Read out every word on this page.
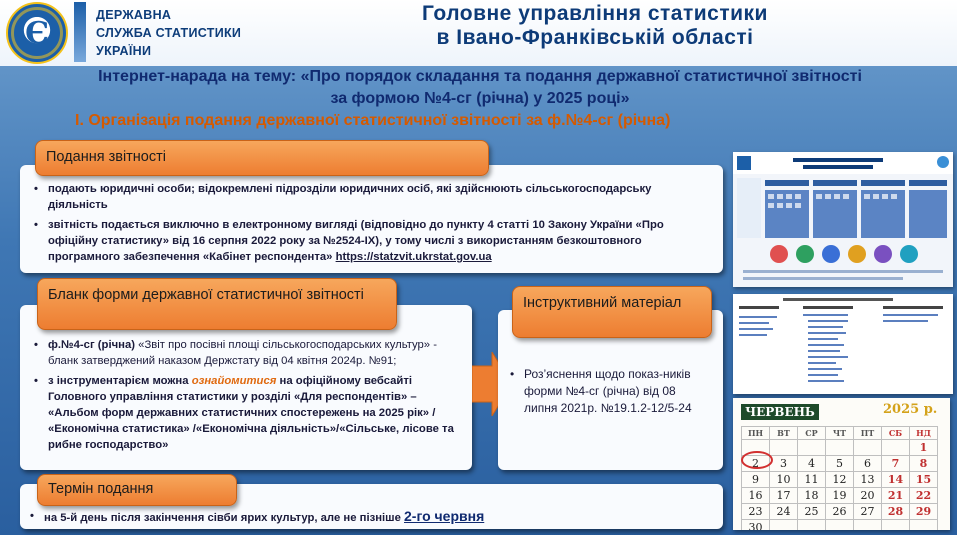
Є
ДЕРЖАВНА
СЛУЖБА СТАТИСТИКИ
УКРАЇНИ
Головне управління статистики
в Івано-Франківській області
Інтернет-нарада на тему: «Про порядок складання та подання державної статистичної звітності
за формою №4-сг (річна) у 2025 році»
І. Організація подання державної статистичної звітності за ф.№4-сг (річна)
• подають юридичні особи; відокремлені підрозділи юридичних осіб, які здійснюють сільськогосподарську діяльність
• звітність подається виключно в електронному вигляді (відповідно до пункту 4 статті 10 Закону України «Про офіційну статистику» від 16 серпня 2022 року за №2524-ІХ), у тому числі з використанням безкоштовного програмного забезпечення «Кабінет респондента» https://statzvit.ukrstat.gov.ua
Подання звітності
• ф.№4-сг (річна) «Звіт про посівні площі сільськогосподарських культур» - бланк затверджений наказом Держстату від 04 квітня 2024р. №91;
• з інструментарієм можна ознайомитися на офіційному вебсайті Головного управління статистики у розділі «Для респондентів» – «Альбом форм державних статистичних спостережень на 2025 рік» / «Економічна статистика» /«Економічна діяльність»/«Сільське, лісове та рибне господарство»
Бланк форми державної статистичної звітності
• Роз’яснення щодо показ-ників форми №4-сг (річна) від 08 липня 2021р. №19.1.2-12/5-24
Інструктивний матеріал
• на 5-й день після закінчення сівби ярих культур, але не пізніше 2-го червня
Термін подання
ЧЕРВЕНЬ	2025 р.
ПН	ВТ	СР	ЧТ	ПТ	СБ	НД
						1
2	3	4	5	6	7	8
9	10	11	12	13	14	15
16	17	18	19	20	21	22
23	24	25	26	27	28	29
30						
